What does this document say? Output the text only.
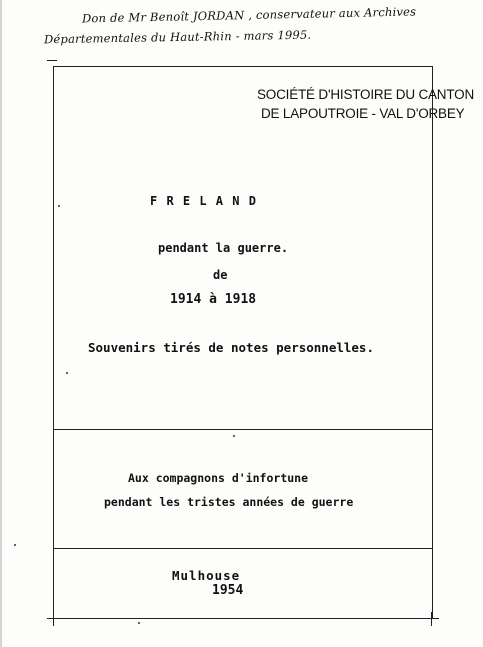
Don de Mr Benoît JORDAN , conservateur aux Archives
Départementales du Haut-Rhin - mars 1995.
SOCIÉTÉ D'HISTOIRE DU CANTON
DE LAPOUTROIE - VAL D'ORBEY
F R E L A N D
pendant la guerre.
de
1914 à 1918
Souvenirs tirés de notes personnelles.
Aux compagnons d'infortune
pendant les tristes années de guerre
Mulhouse
1954
